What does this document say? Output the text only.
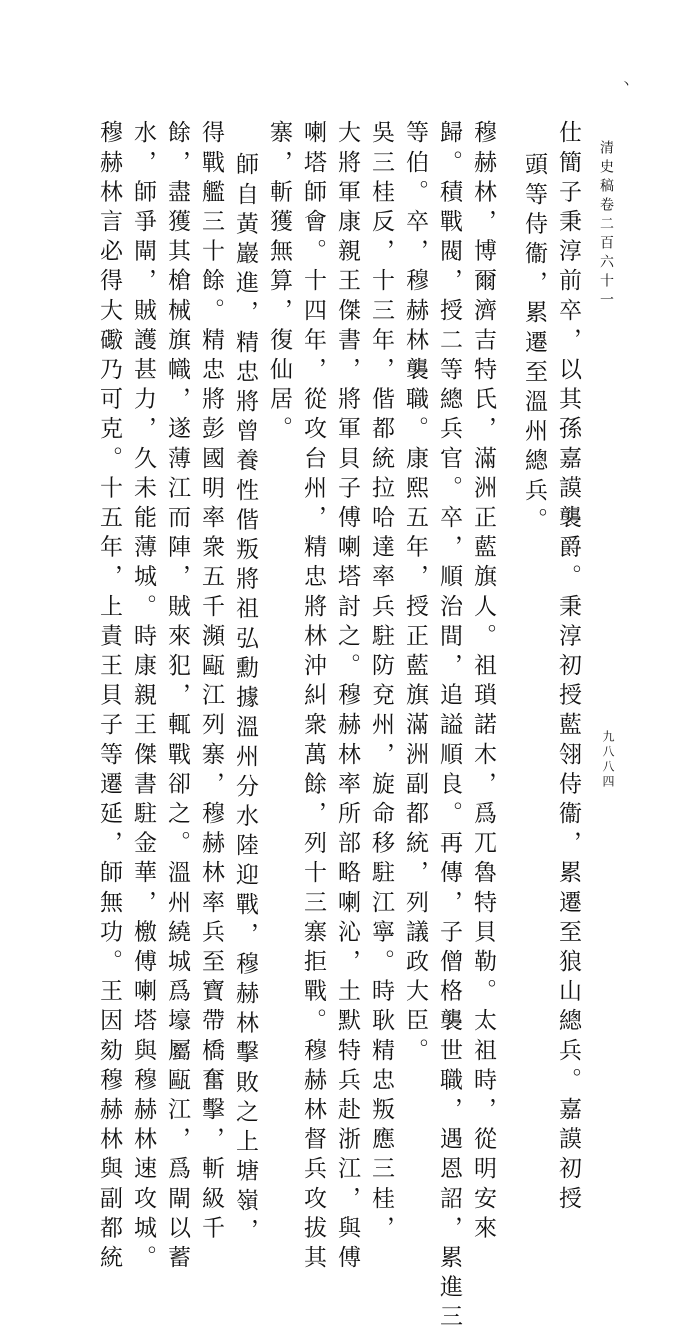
丶
清史稿卷二百六十一
九八八四
仕簡子秉淳前卒，以其孫嘉謨襲爵。秉淳初授藍翎侍衞，累遷至狼山總兵。嘉謨初授
頭等侍衞，累遷至溫州總兵。
穆赫林，博爾濟吉特氏，滿洲正藍旗人。祖瑣諾木，爲兀魯特貝勒。太祖時，從明安來
歸。積戰閥，授二等總兵官。卒，順治間，追謚順良。再傳，子僧格襲世職，遇恩詔，累進三
等伯。卒，穆赫林襲職。康熙五年，授正藍旗滿洲副都統，列議政大臣。
吳三桂反，十三年，偕都統拉哈達率兵駐防兗州，旋命移駐江寧。時耿精忠叛應三桂，
大將軍康親王傑書，將軍貝子傅喇塔討之。穆赫林率所部略喇沁，土默特兵赴浙江，與傅
喇塔師會。十四年，從攻台州，精忠將林沖糾衆萬餘，列十三寨拒戰。穆赫林督兵攻拔其
寨，斬獲無算，復仙居。
師自黃巖進，精忠將曾養性偕叛將祖弘勳據溫州分水陸迎戰，穆赫林擊敗之上塘嶺，
得戰艦三十餘。精忠將彭國明率衆五千瀕甌江列寨，穆赫林率兵至寶帶橋奮擊，斬級千
餘，盡獲其槍械旗幟，遂薄江而陣，賊來犯，輒戰卻之。溫州繞城爲壕屬甌江，爲閘以蓄
水，師爭閘，賊護甚力，久未能薄城。時康親王傑書駐金華，檄傅喇塔與穆赫林速攻城。
穆赫林言必得大礮乃可克。十五年，上責王貝子等遷延，師無功。王因劾穆赫林與副都統
